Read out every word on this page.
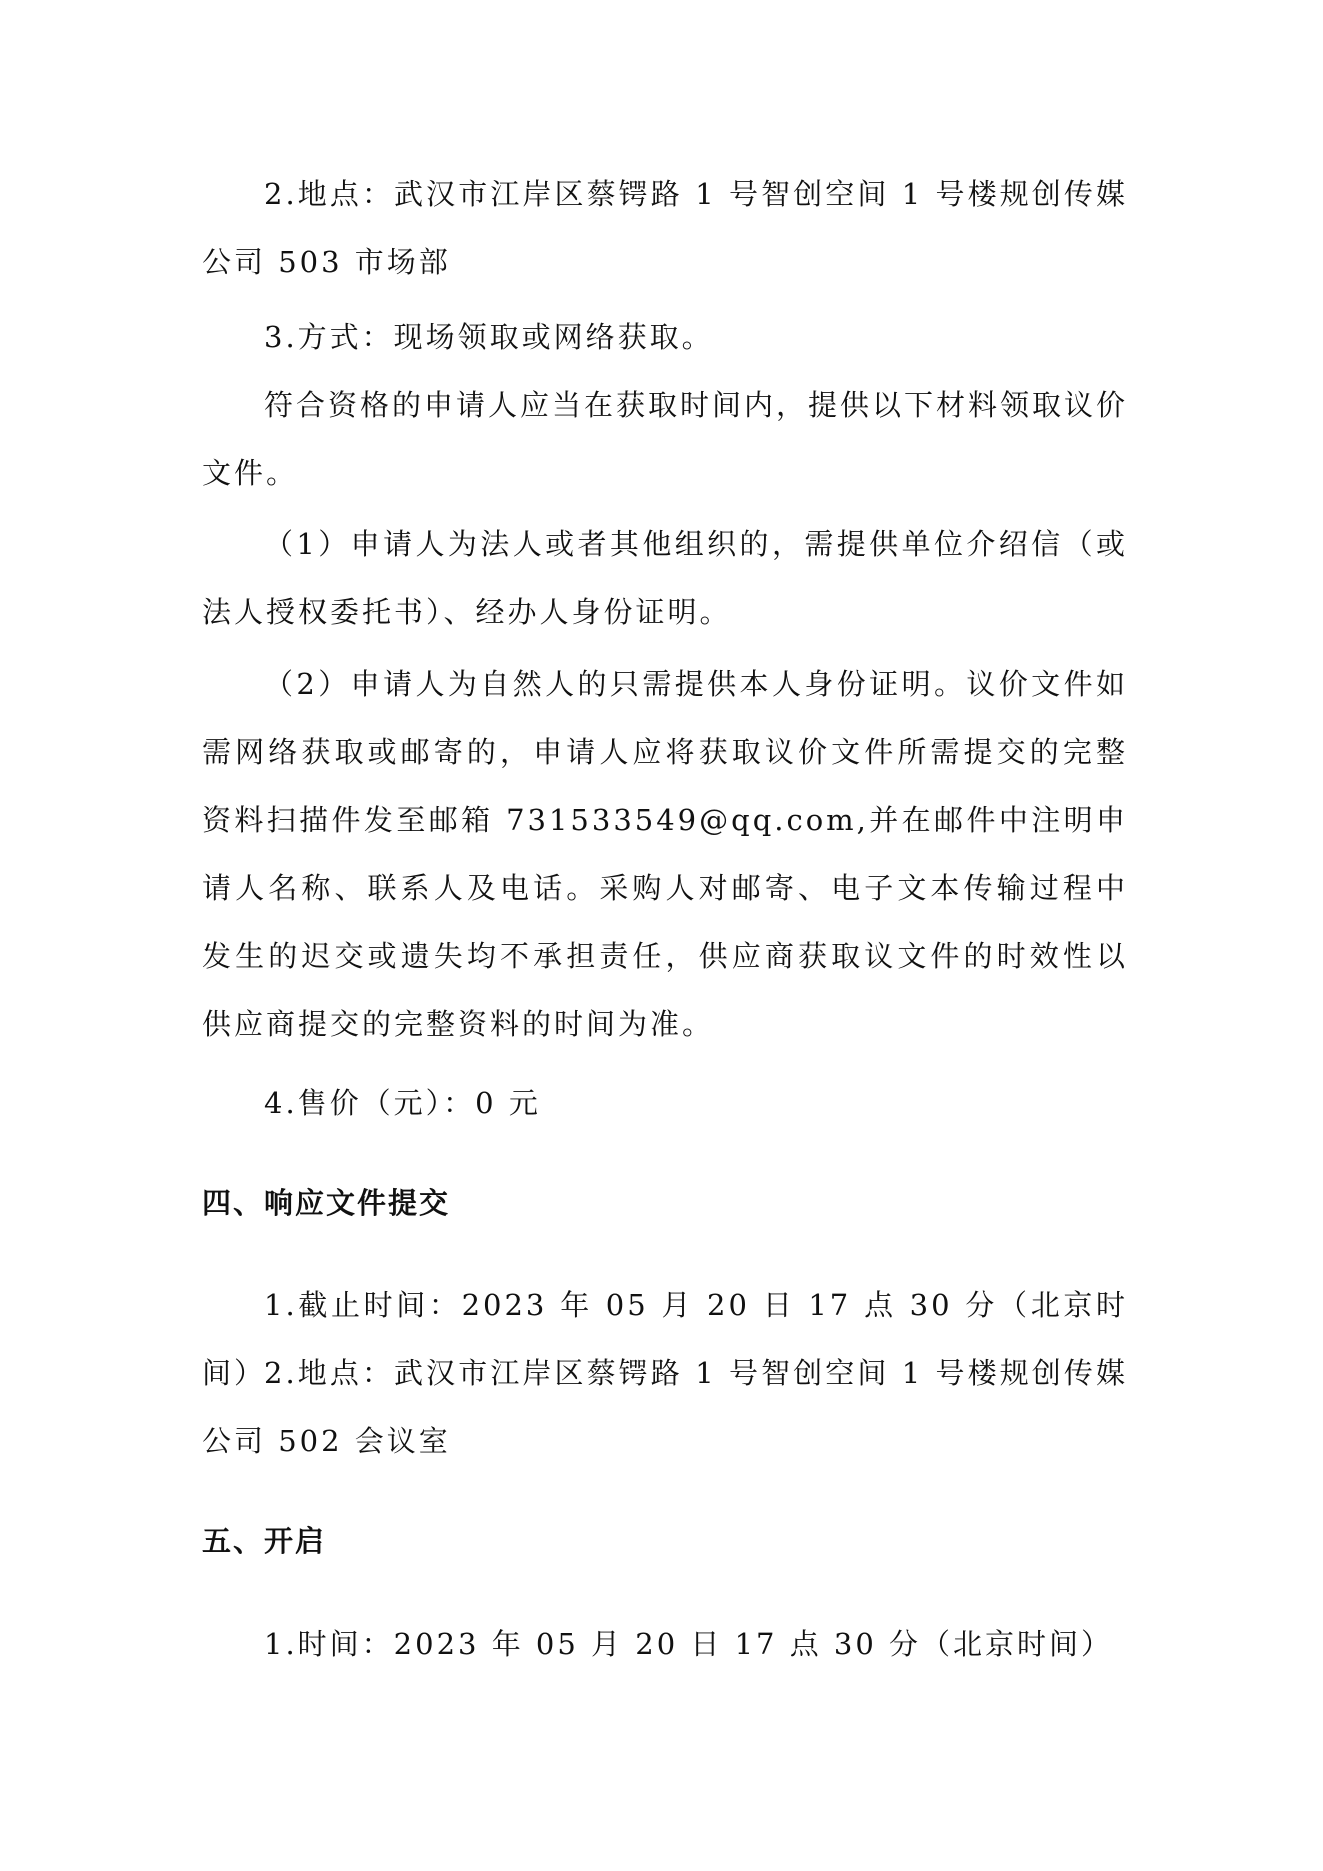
2.地点：武汉市江岸区蔡锷路 1 号智创空间 1 号楼规创传媒公司 503 市场部
3.方式：现场领取或网络获取。
符合资格的申请人应当在获取时间内，提供以下材料领取议价文件。
（1）申请人为法人或者其他组织的，需提供单位介绍信（或法人授权委托书）、经办人身份证明。
（2）申请人为自然人的只需提供本人身份证明。议价文件如需网络获取或邮寄的，申请人应将获取议价文件所需提交的完整资料扫描件发至邮箱 731533549@qq.com,并在邮件中注明申请人名称、联系人及电话。采购人对邮寄、电子文本传输过程中发生的迟交或遗失均不承担责任，供应商获取议文件的时效性以供应商提交的完整资料的时间为准。
4.售价（元）：0 元
四、响应文件提交
1.截止时间：2023 年 05 月 20 日 17 点 30 分（北京时间）
2.地点：武汉市江岸区蔡锷路 1 号智创空间 1 号楼规创传媒公司 502 会议室
五、开启
1.时间：2023 年 05 月 20 日 17 点 30 分（北京时间）
